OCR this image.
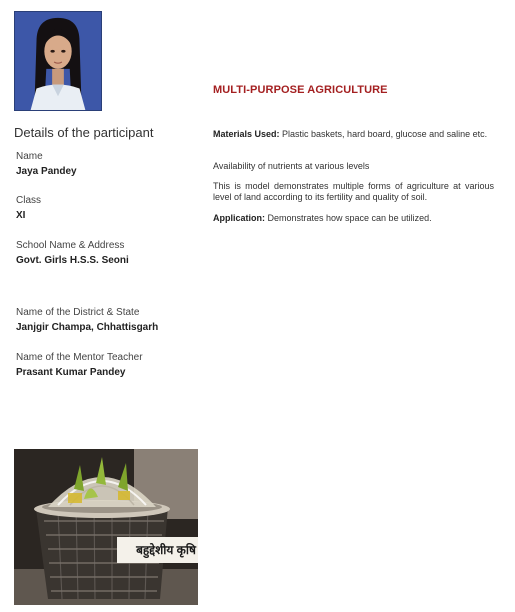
Details of the participant
Name
Jaya Pandey
Class
XI
School Name & Address
Govt. Girls H.S.S. Seoni
Name of the District & State
Janjgir Champa, Chhattisgarh
Name of the Mentor Teacher
Prasant Kumar Pandey
MULTI-PURPOSE AGRICULTURE
Materials Used: Plastic baskets, hard board, glucose and saline etc.
Availability of nutrients at various levels
This is model demonstrates multiple forms of agriculture at various level of land according to its fertility and quality of soil.
Application: Demonstrates how space can be utilized.
बहुद्देशीय कृषि
